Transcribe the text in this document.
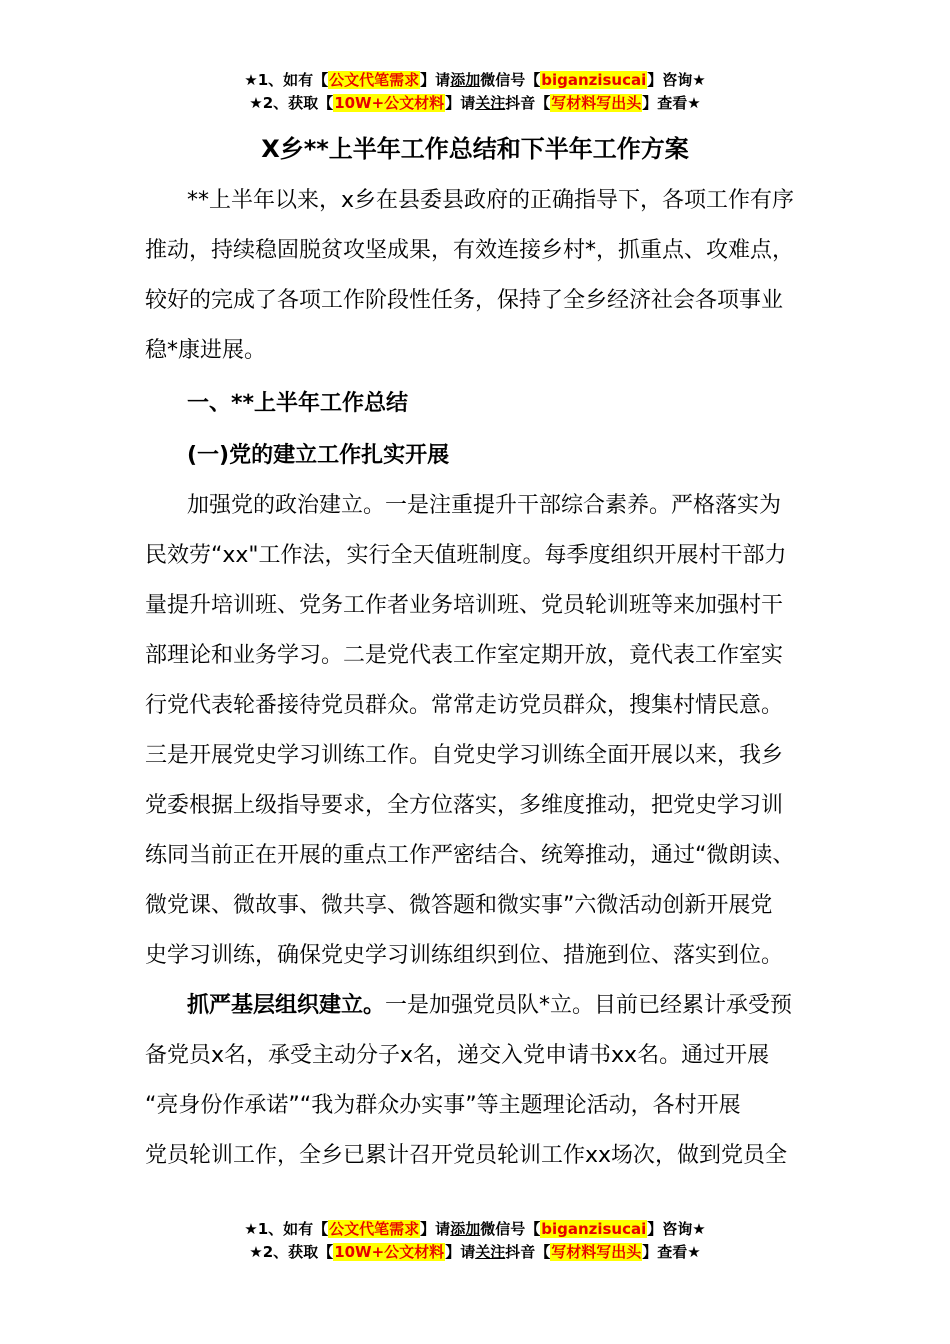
★1、如有【公文代笔需求】请添加微信号【biganzisucai】咨询★
★2、获取【10W+公文材料】请关注抖音【写材料写出头】查看★
X乡**上半年工作总结和下半年工作方案
**上半年以来，x乡在县委县政府的正确指导下，各项工作有序
推动，持续稳固脱贫攻坚成果，有效连接乡村*，抓重点、攻难点，
较好的完成了各项工作阶段性任务，保持了全乡经济社会各项事业
稳*康进展。
一、**上半年工作总结
(一)党的建立工作扎实开展
加强党的政治建立。一是注重提升干部综合素养。严格落实为
民效劳“xx"工作法，实行全天值班制度。每季度组织开展村干部力
量提升培训班、党务工作者业务培训班、党员轮训班等来加强村干
部理论和业务学习。二是党代表工作室定期开放，竟代表工作室实
行党代表轮番接待党员群众。常常走访党员群众，搜集村情民意。
三是开展党史学习训练工作。自党史学习训练全面开展以来，我乡
党委根据上级指导要求，全方位落实，多维度推动，把党史学习训
练同当前正在开展的重点工作严密结合、统筹推动，通过“微朗读、
微党课、微故事、微共享、微答题和微实事”六微活动创新开展党
史学习训练，确保党史学习训练组织到位、措施到位、落实到位。
抓严基层组织建立。一是加强党员队*立。目前已经累计承受预
备党员x名，承受主动分子x名，递交入党申请书xx名。通过开展
“亮身份作承诺”“我为群众办实事”等主题理论活动，各村开展
党员轮训工作，全乡已累计召开党员轮训工作xx场次，做到党员全
★1、如有【公文代笔需求】请添加微信号【biganzisucai】咨询★
★2、获取【10W+公文材料】请关注抖音【写材料写出头】查看★
